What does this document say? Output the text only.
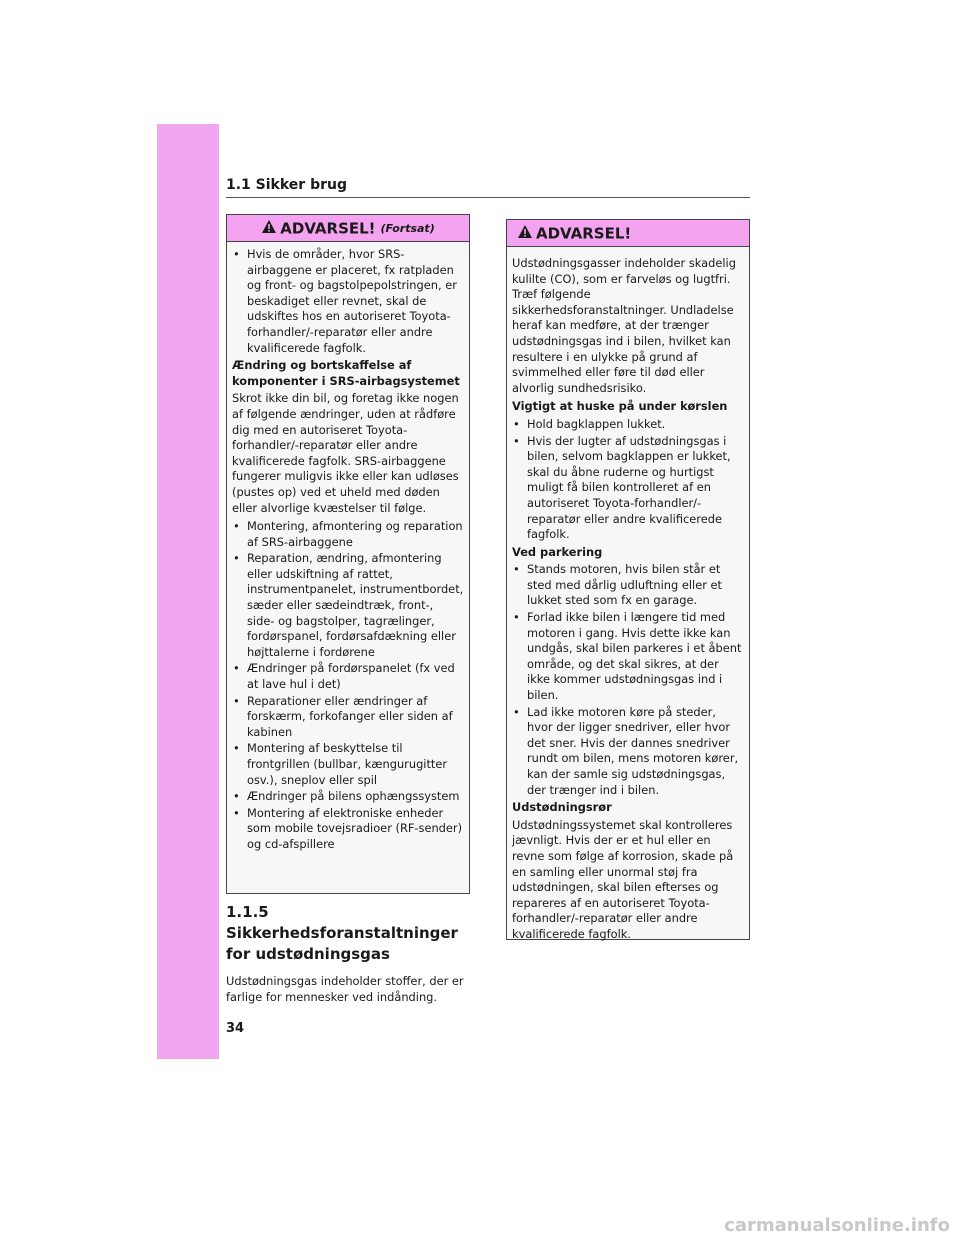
1.1 Sikker brug
ADVARSEL! (Fortsat)
• Hvis de områder, hvor SRS-airbaggene er placeret, fx ratpladen og front- og bagstolpepolstringen, er beskadiget eller revnet, skal de udskiftes hos en autoriseret Toyota-forhandler/-reparatør eller andre kvalificerede fagfolk.
Ændring og bortskaffelse af komponenter i SRS-airbagsystemet

Skrot ikke din bil, og foretag ikke nogen af følgende ændringer, uden at rådføre dig med en autoriseret Toyota-forhandler/-reparatør eller andre kvalificerede fagfolk. SRS-airbaggene fungerer muligvis ikke eller kan udløses (pustes op) ved et uheld med døden eller alvorlige kvæstelser til følge.

• Montering, afmontering og reparation af SRS-airbaggene
• Reparation, ændring, afmontering eller udskiftning af rattet, instrumentpanelet, instrumentbordet, sæder eller sædeindtræk, front-, side- og bagstolper, tagrælinger, fordørspanel, fordørsafdækning eller højttalerne i fordørene
• Ændringer på fordørspanelet (fx ved at lave hul i det)
• Reparationer eller ændringer af forskærm, forkofanger eller siden af kabinen
• Montering af beskyttelse til frontgrillen (bullbar, kængurugitter osv.), sneplov eller spil
• Ændringer på bilens ophængssystem
• Montering af elektroniske enheder som mobile tovejsradioer (RF-sender) og cd-afspillere
1.1.5 Sikkerhedsforanstaltninger for udstødningsgas

Udstødningsgas indeholder stoffer, der er farlige for mennesker ved indånding.

ADVARSEL!

Udstødningsgasser indeholder skadelig kulilte (CO), som er farveløs og lugtfri. Træf følgende sikkerhedsforanstaltninger. Undladelse heraf kan medføre, at der trænger udstødningsgas ind i bilen, hvilket kan resultere i en ulykke på grund af svimmelhed eller føre til død eller alvorlig sundhedsrisiko.

Vigtigt at huske på under kørslen
• Hold bagklappen lukket.
• Hvis der lugter af udstødningsgas i bilen, selvom bagklappen er lukket, skal du åbne ruderne og hurtigst muligt få bilen kontrolleret af en autoriseret Toyota-forhandler/-reparatør eller andre kvalificerede fagfolk.
Ved parkering
• Stands motoren, hvis bilen står et sted med dårlig udluftning eller et lukket sted som fx en garage.
• Forlad ikke bilen i længere tid med motoren i gang. Hvis dette ikke kan undgås, skal bilen parkeres i et åbent område, og det skal sikres, at der ikke kommer udstødningsgas ind i bilen.
• Lad ikke motoren køre på steder, hvor der ligger snedriver, eller hvor det sner. Hvis der dannes snedriver rundt om bilen, mens motoren kører, kan der samle sig udstødningsgas, der trænger ind i bilen.
Udstødningsrør

Udstødningssystemet skal kontrolleres jævnligt. Hvis der er et hul eller en revne som følge af korrosion, skade på en samling eller unormal støj fra udstødningen, skal bilen efterses og repareres af en autoriseret Toyota-forhandler/-reparatør eller andre kvalificerede fagfolk.

34
carmanualsonline.info
